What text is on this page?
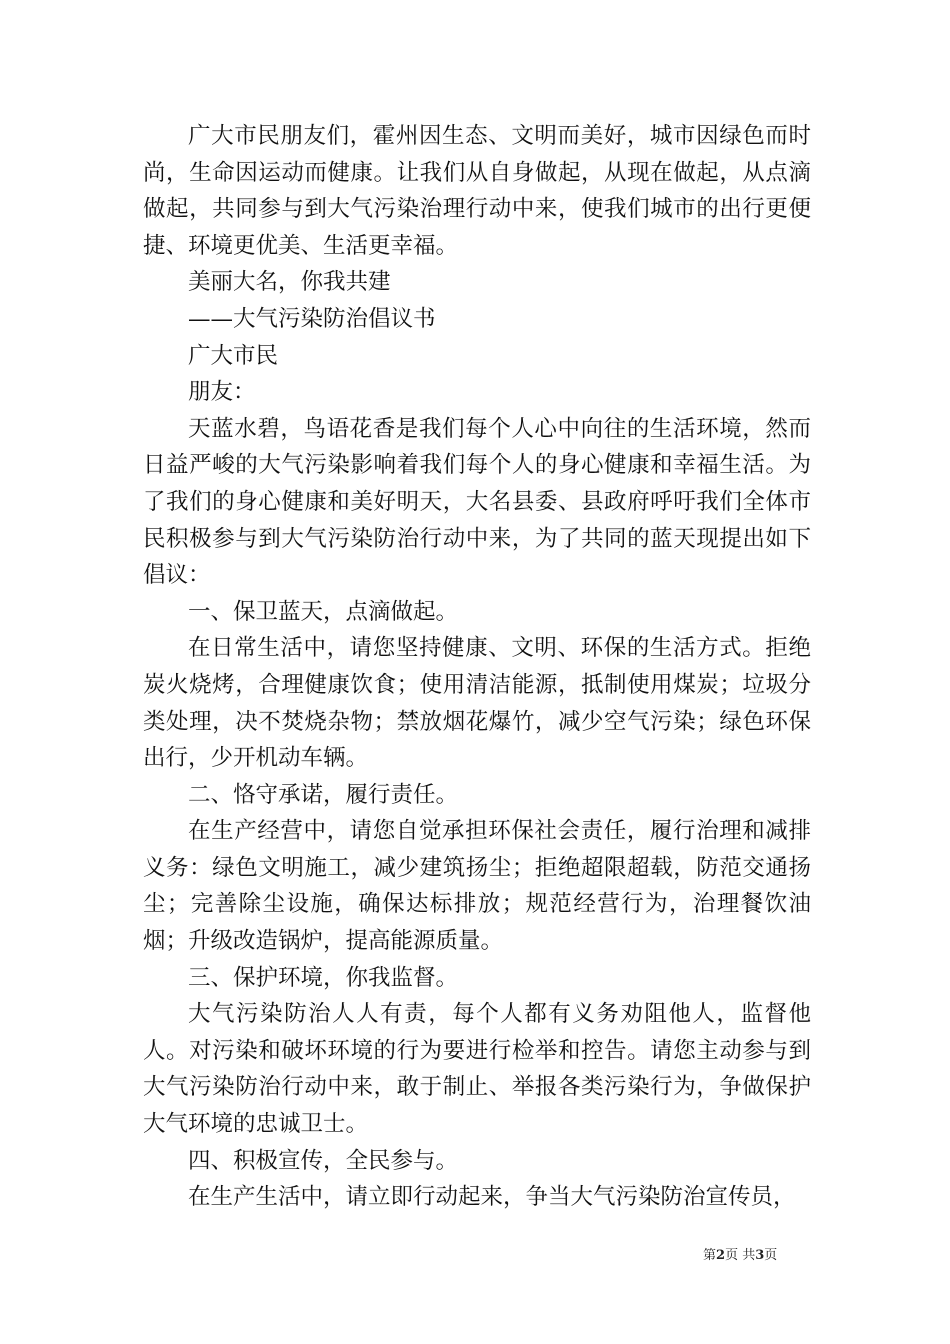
广大市民朋友们，霍州因生态、文明而美好，城市因绿色而时尚，生命因运动而健康。让我们从自身做起，从现在做起，从点滴做起，共同参与到大气污染治理行动中来，使我们城市的出行更便捷、环境更优美、生活更幸福。

美丽大名，你我共建

——大气污染防治倡议书

广大市民

朋友：

天蓝水碧，鸟语花香是我们每个人心中向往的生活环境，然而日益严峻的大气污染影响着我们每个人的身心健康和幸福生活。为了我们的身心健康和美好明天，大名县委、县政府呼吁我们全体市民积极参与到大气污染防治行动中来，为了共同的蓝天现提出如下倡议：

一、保卫蓝天，点滴做起。

在日常生活中，请您坚持健康、文明、环保的生活方式。拒绝炭火烧烤，合理健康饮食；使用清洁能源，抵制使用煤炭；垃圾分类处理，决不焚烧杂物；禁放烟花爆竹，减少空气污染；绿色环保出行，少开机动车辆。

二、恪守承诺，履行责任。

在生产经营中，请您自觉承担环保社会责任，履行治理和减排义务：绿色文明施工，减少建筑扬尘；拒绝超限超载，防范交通扬尘；完善除尘设施，确保达标排放；规范经营行为，治理餐饮油烟；升级改造锅炉，提高能源质量。

三、保护环境，你我监督。

大气污染防治人人有责，每个人都有义务劝阻他人，监督他人。对污染和破坏环境的行为要进行检举和控告。请您主动参与到大气污染防治行动中来，敢于制止、举报各类污染行为，争做保护大气环境的忠诚卫士。

四、积极宣传，全民参与。

在生产生活中，请立即行动起来，争当大气污染防治宣传员，

第2页 共3页
